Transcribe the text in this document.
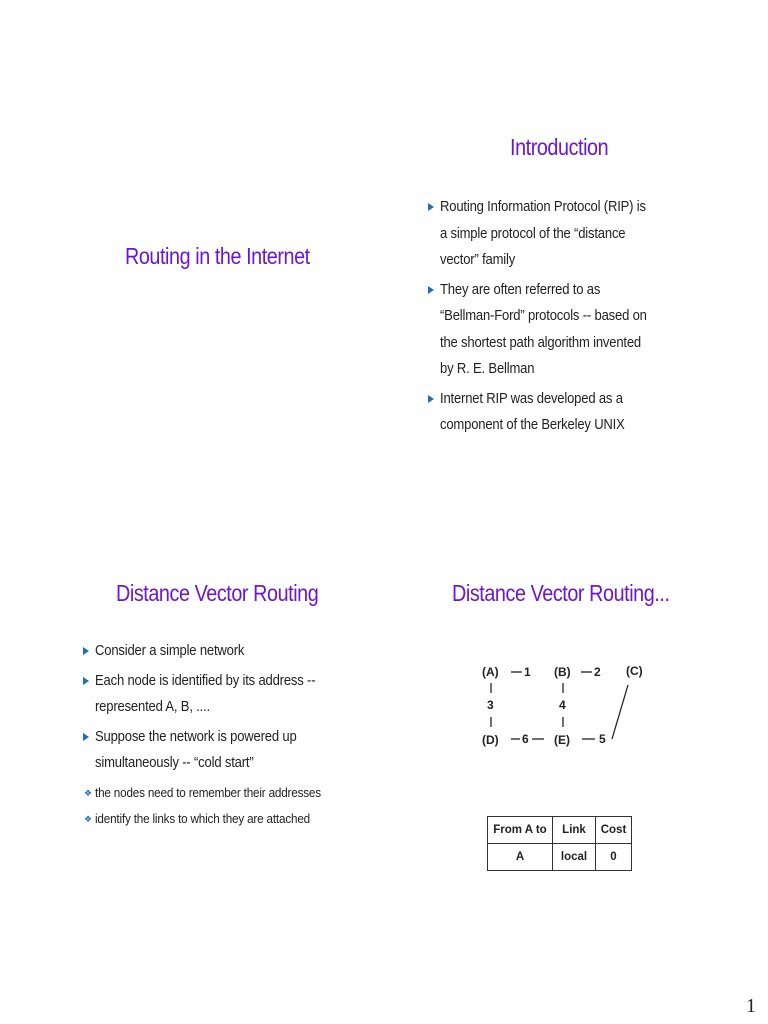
Routing in the Internet
Introduction
Routing Information Protocol (RIP) is a simple protocol of the “distance vector” family
They are often referred to as “Bellman-Ford” protocols -- based on the shortest path algorithm invented by R. E. Bellman
Internet RIP was developed as a component of the Berkeley UNIX
Distance Vector Routing
Consider a simple network
Each node is identified by its address -- represented A, B, ....
Suppose the network is powered up simultaneously -- “cold start”
❖ the nodes need to remember their addresses
❖ identify the links to which they are attached
Distance Vector Routing...
(A)	(B)	(C)
(D)	(E)
1	2
3	4
5
6
From A to	Link	Cost
A	local	0
1
